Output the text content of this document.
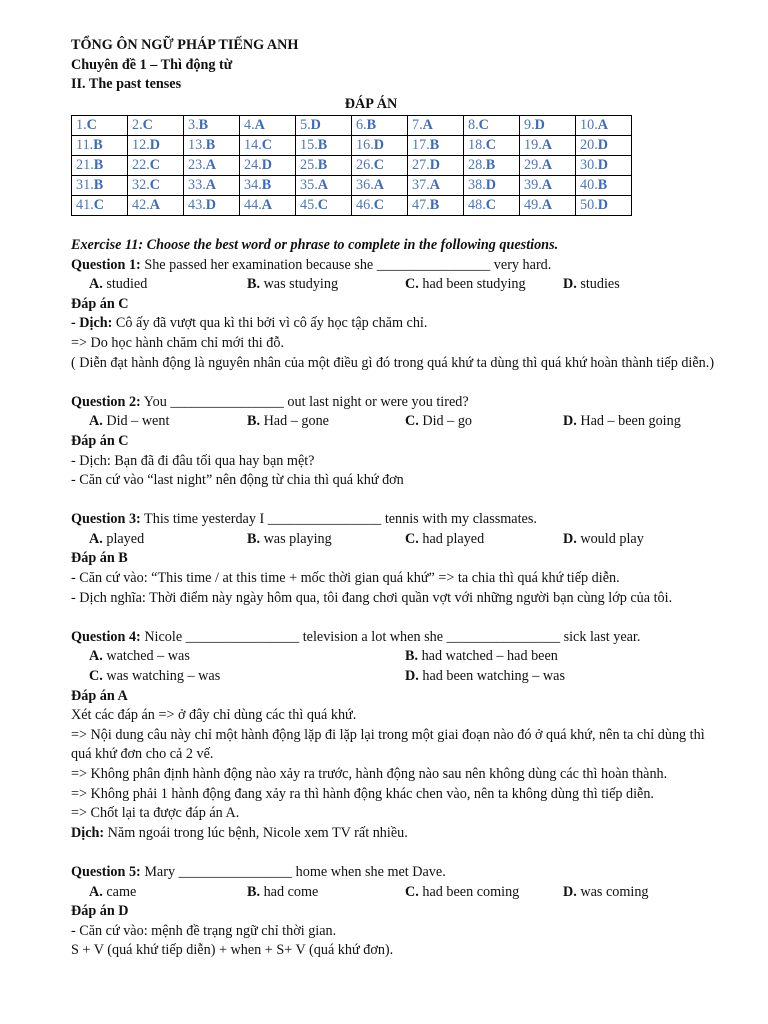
TỔNG ÔN NGỮ PHÁP TIẾNG ANH
Chuyên đề 1 – Thì động từ
II. The past tenses
ĐÁP ÁN
1.C	2.C	3.B	4.A	5.D	6.B	7.A	8.C	9.D	10.A
11.B	12.D	13.B	14.C	15.B	16.D	17.B	18.C	19.A	20.D
21.B	22.C	23.A	24.D	25.B	26.C	27.D	28.B	29.A	30.D
31.B	32.C	33.A	34.B	35.A	36.A	37.A	38.D	39.A	40.B
41.C	42.A	43.D	44.A	45.C	46.C	47.B	48.C	49.A	50.D
Exercise 11: Choose the best word or phrase to complete in the following questions.
Question 1: She passed her examination because she ________________ very hard.
A. studied	B. was studying	C. had been studying	D. studies
Đáp án C
- Dịch: Cô ấy đã vượt qua kì thi bởi vì cô ấy học tập chăm chỉ.
=> Do học hành chăm chỉ mới thi đỗ.
( Diễn đạt hành động là nguyên nhân của một điều gì đó trong quá khứ ta dùng thì quá khứ hoàn thành tiếp diễn.)
Question 2: You ________________ out last night or were you tired?
A. Did – went	B. Had – gone	C. Did – go	D. Had – been going
Đáp án C
- Dịch: Bạn đã đi đâu tối qua hay bạn mệt?
- Căn cứ vào “last night” nên động từ chia thì quá khứ đơn
Question 3: This time yesterday I ________________ tennis with my classmates.
A. played	B. was playing	C. had played	D. would play
Đáp án B
- Căn cứ vào: “This time / at this time + mốc thời gian quá khứ” => ta chia thì quá khứ tiếp diễn.
- Dịch nghĩa: Thời điểm này ngày hôm qua, tôi đang chơi quần vợt với những người bạn cùng lớp của tôi.
Question 4: Nicole ________________ television a lot when she ________________ sick last year.
A. watched – was	B. had watched – had been
C. was watching – was	D. had been watching – was
Đáp án A
Xét các đáp án => ở đây chỉ dùng các thì quá khứ.
=> Nội dung câu này chỉ một hành động lặp đi lặp lại trong một giai đoạn nào đó ở quá khứ, nên ta chỉ dùng thì quá khứ đơn cho cả 2 vế.
=> Không phân định hành động nào xảy ra trước, hành động nào sau nên không dùng các thì hoàn thành.
=> Không phải 1 hành động đang xảy ra thì hành động khác chen vào, nên ta không dùng thì tiếp diễn.
=> Chốt lại ta được đáp án A.
Dịch: Năm ngoái trong lúc bệnh, Nicole xem TV rất nhiều.
Question 5: Mary ________________ home when she met Dave.
A. came	B. had come	C. had been coming	D. was coming
Đáp án D
- Căn cứ vào: mệnh đề trạng ngữ chỉ thời gian.
S + V (quá khứ tiếp diễn) + when + S+ V (quá khứ đơn).
